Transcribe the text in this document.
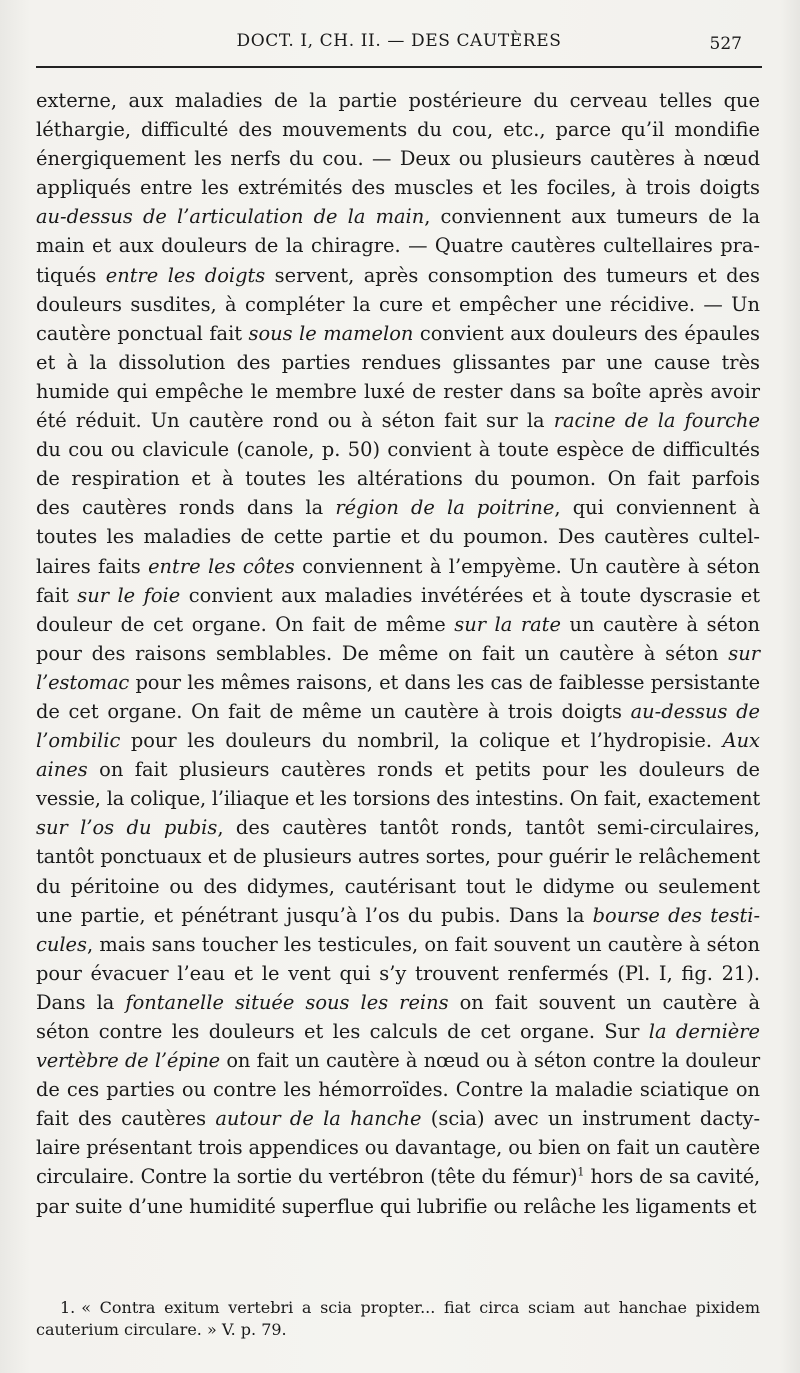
DOCT. I, CH. II. — DES CAUTÈRES	527
externe, aux maladies de la partie postérieure du cerveau telles que
léthargie, difficulté des mouvements du cou, etc., parce qu’il mondifie
énergiquement les nerfs du cou. — Deux ou plusieurs cautères à nœud
appliqués entre les extrémités des muscles et les fociles, à trois doigts
au-dessus de l’articulation de la main, conviennent aux tumeurs de la
main et aux douleurs de la chiragre. — Quatre cautères cultellaires pra-
tiqués entre les doigts servent, après consomption des tumeurs et des
douleurs susdites, à compléter la cure et empêcher une récidive. — Un
cautère ponctual fait sous le mamelon convient aux douleurs des épaules
et à la dissolution des parties rendues glissantes par une cause très
humide qui empêche le membre luxé de rester dans sa boîte après avoir
été réduit. Un cautère rond ou à séton fait sur la racine de la fourche
du cou ou clavicule (canole, p. 50) convient à toute espèce de difficultés
de respiration et à toutes les altérations du poumon. On fait parfois
des cautères ronds dans la région de la poitrine, qui conviennent à
toutes les maladies de cette partie et du poumon. Des cautères cultel-
laires faits entre les côtes conviennent à l’empyème. Un cautère à séton
fait sur le foie convient aux maladies invétérées et à toute dyscrasie et
douleur de cet organe. On fait de même sur la rate un cautère à séton
pour des raisons semblables. De même on fait un cautère à séton sur
l’estomac pour les mêmes raisons, et dans les cas de faiblesse persistante
de cet organe. On fait de même un cautère à trois doigts au-dessus de
l’ombilic pour les douleurs du nombril, la colique et l’hydropisie. Aux
aines on fait plusieurs cautères ronds et petits pour les douleurs de
vessie, la colique, l’iliaque et les torsions des intestins. On fait, exactement
sur l’os du pubis, des cautères tantôt ronds, tantôt semi-circulaires,
tantôt ponctuaux et de plusieurs autres sortes, pour guérir le relâchement
du péritoine ou des didymes, cautérisant tout le didyme ou seulement
une partie, et pénétrant jusqu’à l’os du pubis. Dans la bourse des testi-
cules, mais sans toucher les testicules, on fait souvent un cautère à séton
pour évacuer l’eau et le vent qui s’y trouvent renfermés (Pl. I, fig. 21).
Dans la fontanelle située sous les reins on fait souvent un cautère à
séton contre les douleurs et les calculs de cet organe. Sur la dernière
vertèbre de l’épine on fait un cautère à nœud ou à séton contre la douleur
de ces parties ou contre les hémorroïdes. Contre la maladie sciatique on
fait des cautères autour de la hanche (scia) avec un instrument dacty-
laire présentant trois appendices ou davantage, ou bien on fait un cautère
circulaire. Contre la sortie du vertébron (tête du fémur)$^1$ hors de sa cavité,
par suite d’une humidité superflue qui lubrifie ou relâche les ligaments et
1. « Contra exitum vertebri a scia propter... fiat circa sciam aut hanchae pixidem
cauterium circulare. » V. p. 79.
